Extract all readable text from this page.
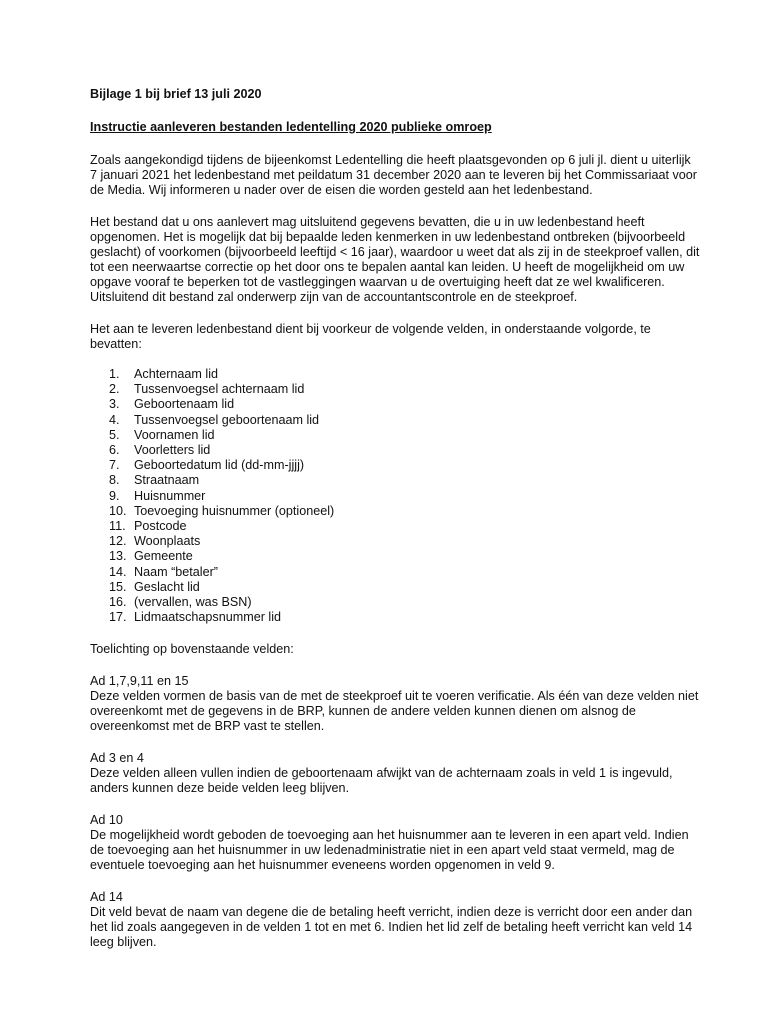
Bijlage 1 bij brief 13 juli 2020

Instructie aanleveren bestanden ledentelling 2020 publieke omroep

Zoals aangekondigd tijdens de bijeenkomst Ledentelling die heeft plaatsgevonden op 6 juli jl. dient u uiterlijk 7 januari 2021 het ledenbestand met peildatum 31 december 2020 aan te leveren bij het Commissariaat voor de Media. Wij informeren u nader over de eisen die worden gesteld aan het ledenbestand.

Het bestand dat u ons aanlevert mag uitsluitend gegevens bevatten, die u in uw ledenbestand heeft opgenomen. Het is mogelijk dat bij bepaalde leden kenmerken in uw ledenbestand ontbreken (bijvoorbeeld geslacht) of voorkomen (bijvoorbeeld leeftijd < 16 jaar), waardoor u weet dat als zij in de steekproef vallen, dit tot een neerwaartse correctie op het door ons te bepalen aantal kan leiden. U heeft de mogelijkheid om uw opgave vooraf te beperken tot de vastleggingen waarvan u de overtuiging heeft dat ze wel kwalificeren. Uitsluitend dit bestand zal onderwerp zijn van de accountantscontrole en de steekproef.

Het aan te leveren ledenbestand dient bij voorkeur de volgende velden, in onderstaande volgorde, te bevatten:

1. Achternaam lid
2. Tussenvoegsel achternaam lid
3. Geboortenaam lid
4. Tussenvoegsel geboortenaam lid
5. Voornamen lid
6. Voorletters lid
7. Geboortedatum lid (dd-mm-jjjj)
8. Straatnaam
9. Huisnummer
10. Toevoeging huisnummer (optioneel)
11. Postcode
12. Woonplaats
13. Gemeente
14. Naam “betaler”
15. Geslacht lid
16. (vervallen, was BSN)
17. Lidmaatschapsnummer lid

Toelichting op bovenstaande velden:

Ad 1,7,9,11 en 15

Deze velden vormen de basis van de met de steekproef uit te voeren verificatie. Als één van deze velden niet overeenkomt met de gegevens in de BRP, kunnen de andere velden kunnen dienen om alsnog de overeenkomst met de BRP vast te stellen.

Ad 3 en 4

Deze velden alleen vullen indien de geboortenaam afwijkt van de achternaam zoals in veld 1 is ingevuld, anders kunnen deze beide velden leeg blijven.

Ad 10

De mogelijkheid wordt geboden de toevoeging aan het huisnummer aan te leveren in een apart veld. Indien de toevoeging aan het huisnummer in uw ledenadministratie niet in een apart veld staat vermeld, mag de eventuele toevoeging aan het huisnummer eveneens worden opgenomen in veld 9.

Ad 14

Dit veld bevat de naam van degene die de betaling heeft verricht, indien deze is verricht door een ander dan het lid zoals aangegeven in de velden 1 tot en met 6. Indien het lid zelf de betaling heeft verricht kan veld 14 leeg blijven.
